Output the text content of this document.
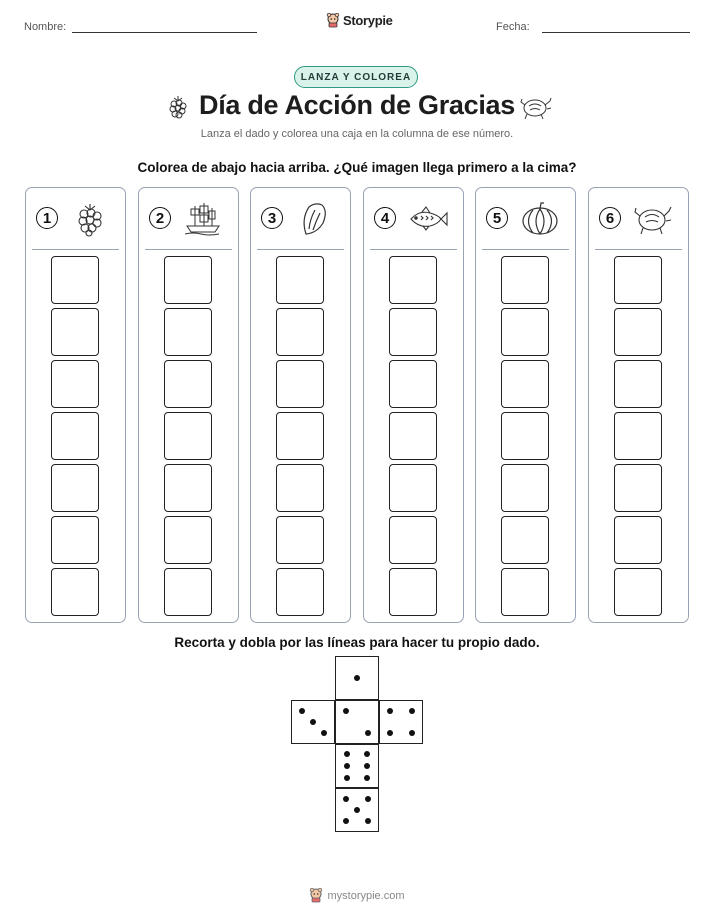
Nombre:	Storypie	Fecha:
LANZA Y COLOREA
Día de Acción de Gracias
Lanza el dado y colorea una caja en la columna de ese número.
Colorea de abajo hacia arriba. ¿Qué imagen llega primero a la cima?
1	2	3	4	5	6
Recorta y dobla por las líneas para hacer tu propio dado.
mystorypie.com
